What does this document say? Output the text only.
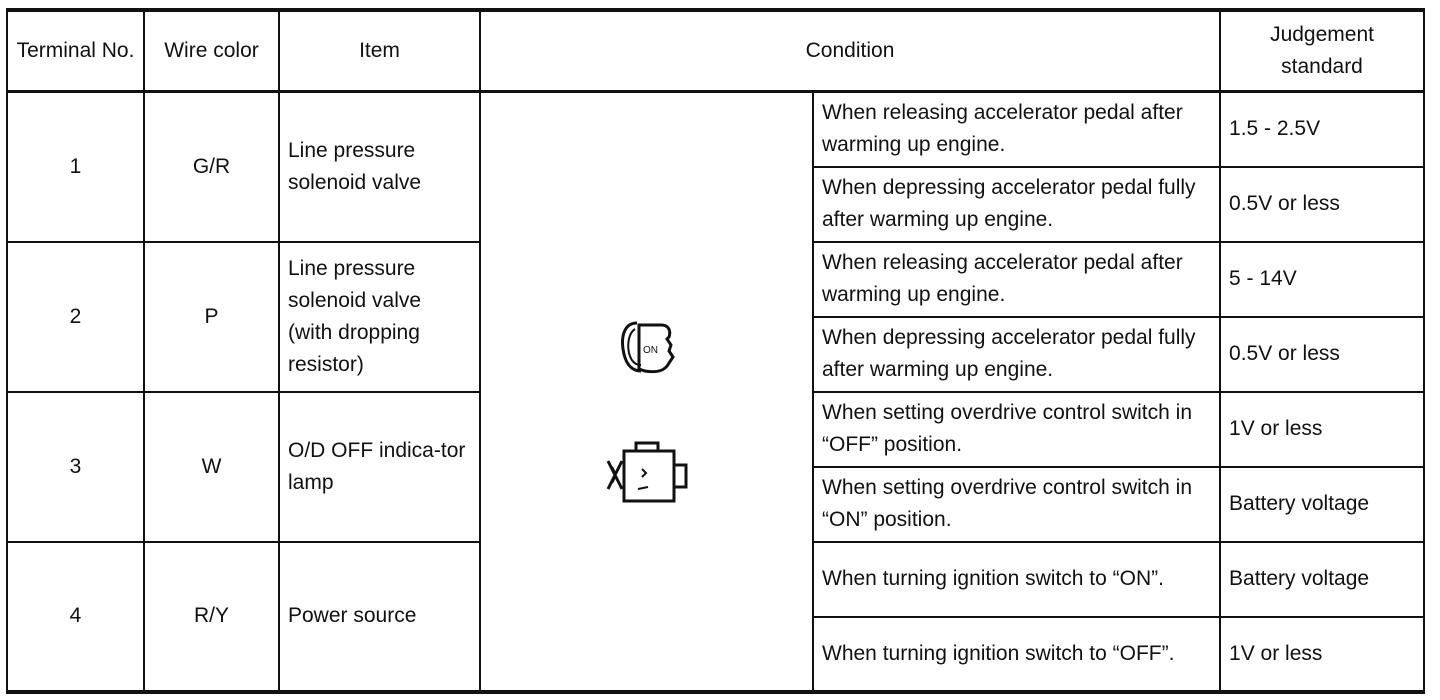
Terminal No.	Wire color	Item	Condition		Judgement standard
1	G/R	Line pressure solenoid valve	ON	When releasing accelerator pedal after warming up engine.	1.5 - 2.5V
				When depressing accelerator pedal fully after warming up engine.	0.5V or less
2	P	Line pressure solenoid valve (with dropping resistor)		When releasing accelerator pedal after warming up engine.	5 - 14V
				When depressing accelerator pedal fully after warming up engine.	0.5V or less
3	W	O/D OFF indica-tor lamp		When setting overdrive control switch in “OFF” position.	1V or less
				When setting overdrive control switch in “ON” position.	Battery voltage
4	R/Y	Power source		When turning ignition switch to “ON”.	Battery voltage
				When turning ignition switch to “OFF”.	1V or less
